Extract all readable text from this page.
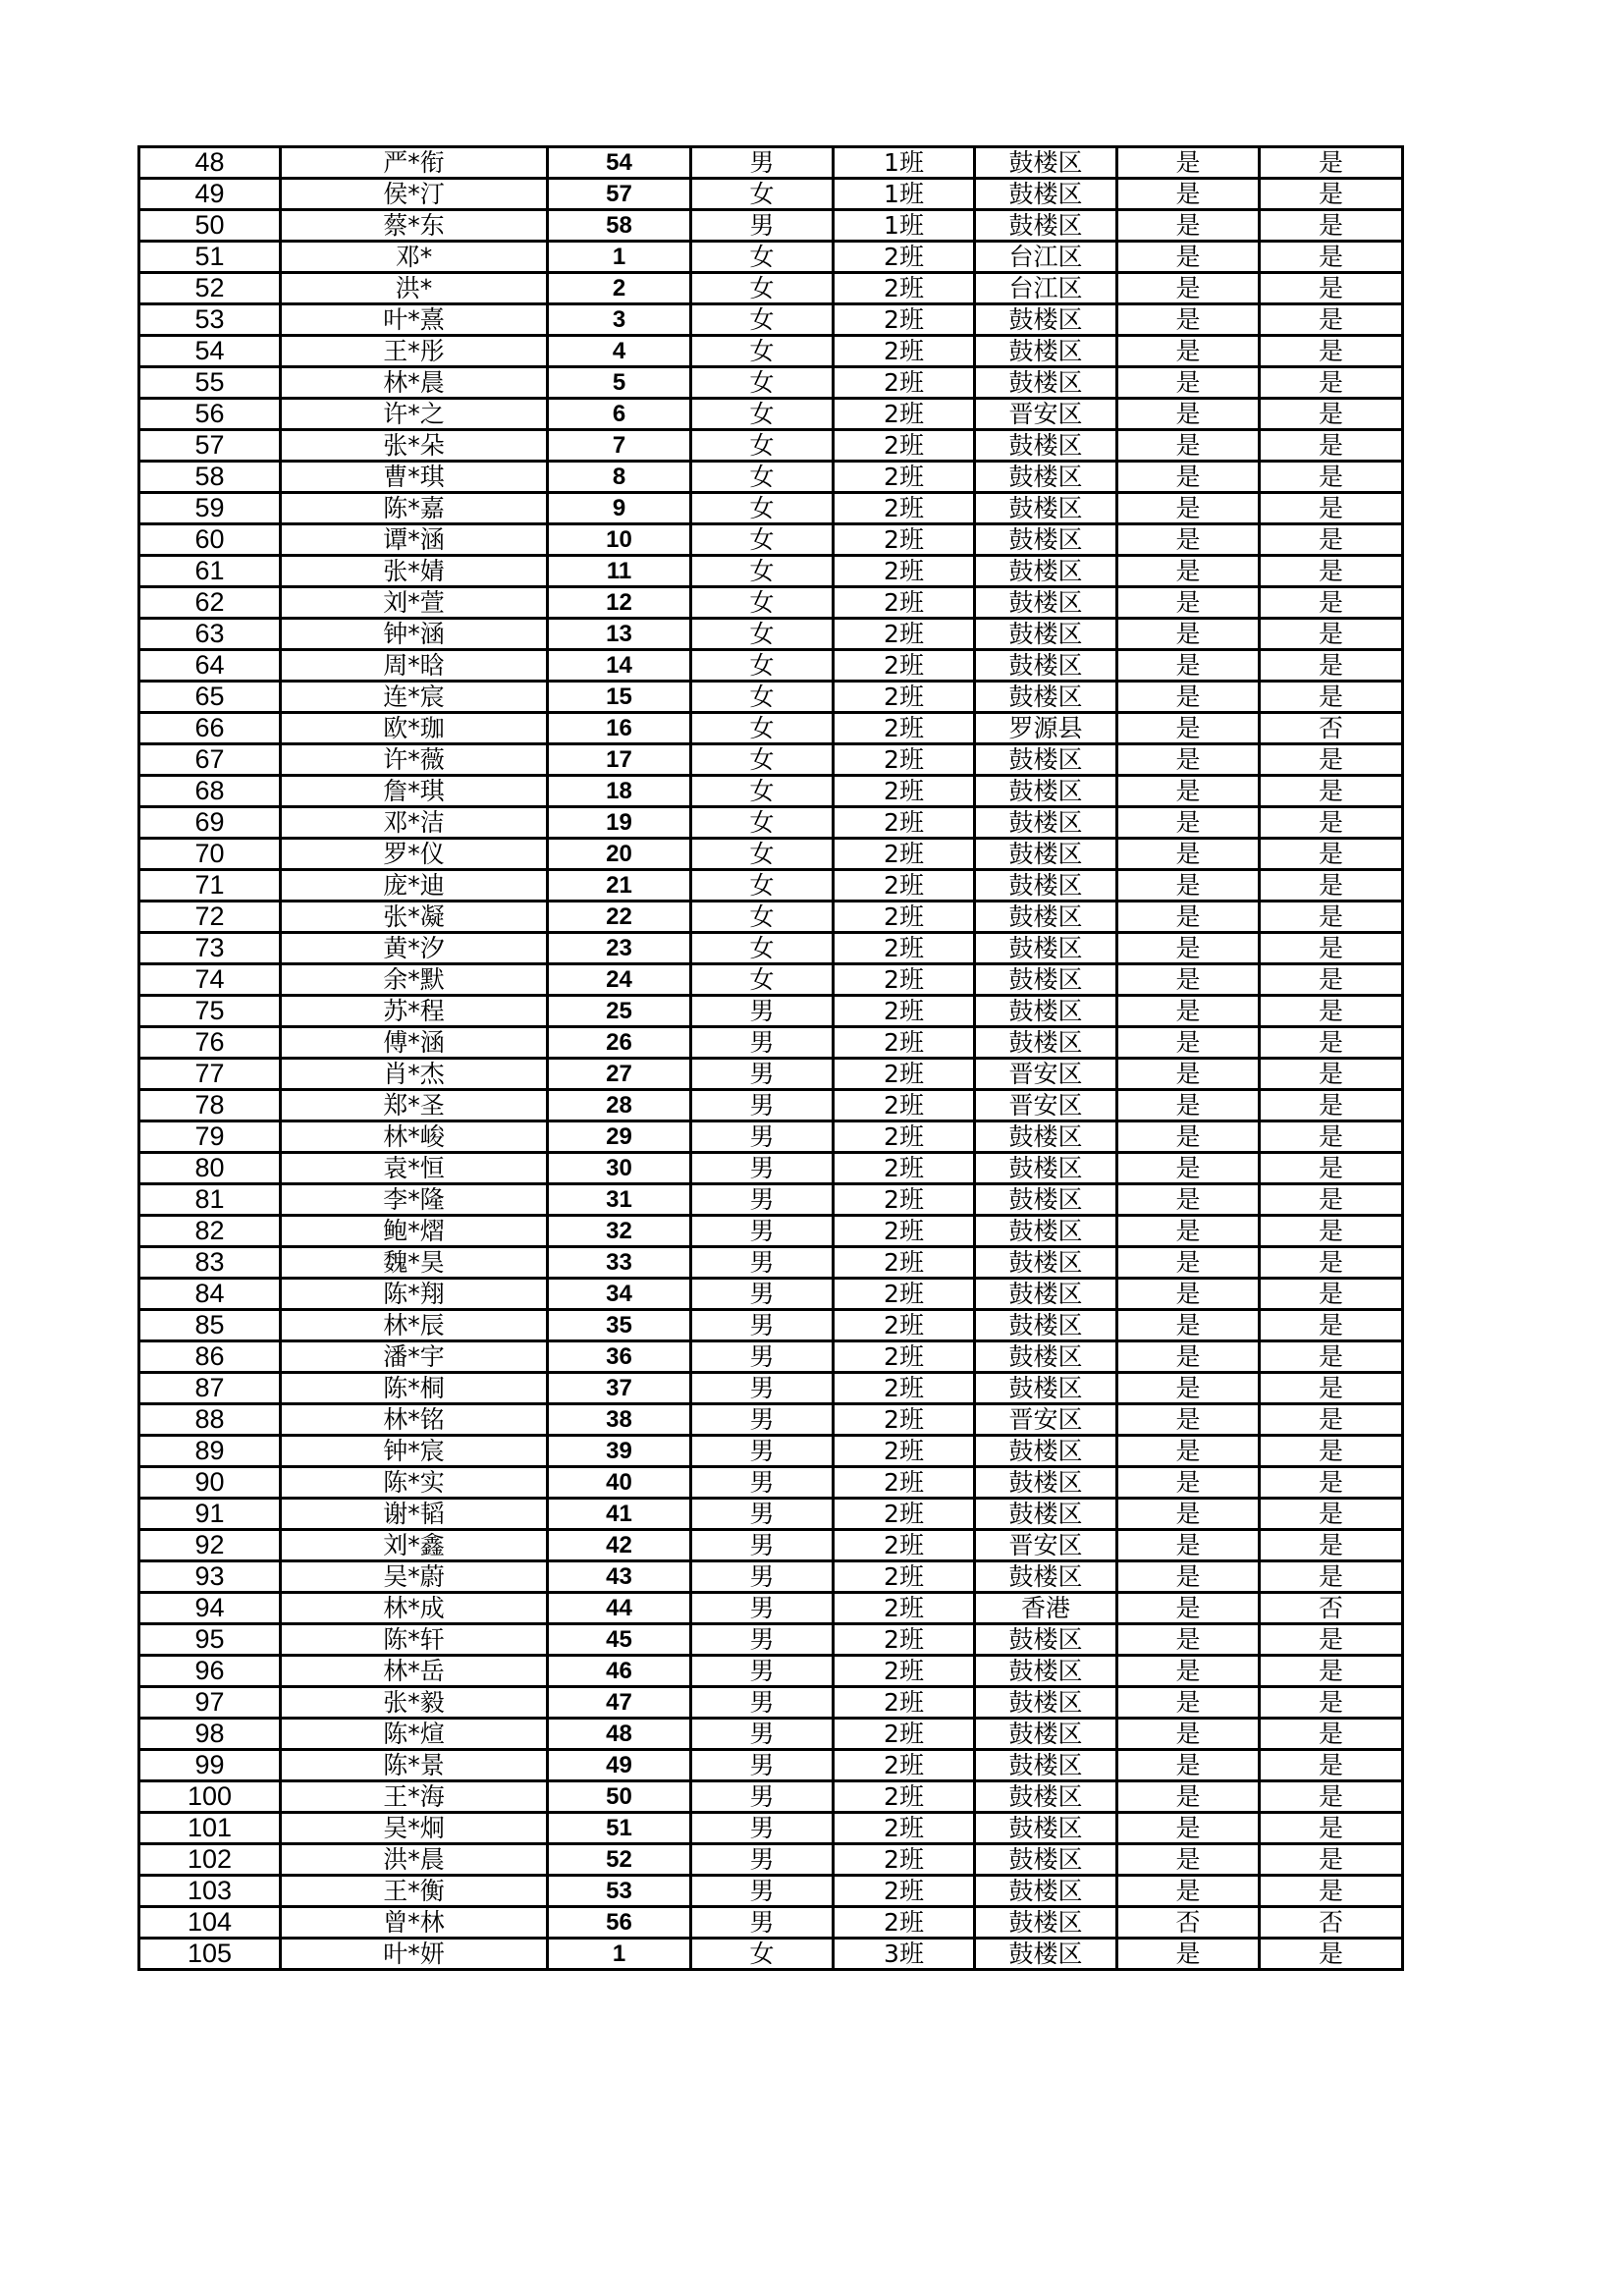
48	严*衔	54	男	1班	鼓楼区	是	是
49	侯*汀	57	女	1班	鼓楼区	是	是
50	蔡*东	58	男	1班	鼓楼区	是	是
51	邓*	1	女	2班	台江区	是	是
52	洪*	2	女	2班	台江区	是	是
53	叶*熹	3	女	2班	鼓楼区	是	是
54	王*彤	4	女	2班	鼓楼区	是	是
55	林*晨	5	女	2班	鼓楼区	是	是
56	许*之	6	女	2班	晋安区	是	是
57	张*朵	7	女	2班	鼓楼区	是	是
58	曹*琪	8	女	2班	鼓楼区	是	是
59	陈*嘉	9	女	2班	鼓楼区	是	是
60	谭*涵	10	女	2班	鼓楼区	是	是
61	张*婧	11	女	2班	鼓楼区	是	是
62	刘*萱	12	女	2班	鼓楼区	是	是
63	钟*涵	13	女	2班	鼓楼区	是	是
64	周*晗	14	女	2班	鼓楼区	是	是
65	连*宸	15	女	2班	鼓楼区	是	是
66	欧*珈	16	女	2班	罗源县	是	否
67	许*薇	17	女	2班	鼓楼区	是	是
68	詹*琪	18	女	2班	鼓楼区	是	是
69	邓*洁	19	女	2班	鼓楼区	是	是
70	罗*仪	20	女	2班	鼓楼区	是	是
71	庞*迪	21	女	2班	鼓楼区	是	是
72	张*凝	22	女	2班	鼓楼区	是	是
73	黄*汐	23	女	2班	鼓楼区	是	是
74	余*默	24	女	2班	鼓楼区	是	是
75	苏*程	25	男	2班	鼓楼区	是	是
76	傅*涵	26	男	2班	鼓楼区	是	是
77	肖*杰	27	男	2班	晋安区	是	是
78	郑*圣	28	男	2班	晋安区	是	是
79	林*峻	29	男	2班	鼓楼区	是	是
80	袁*恒	30	男	2班	鼓楼区	是	是
81	李*隆	31	男	2班	鼓楼区	是	是
82	鲍*熠	32	男	2班	鼓楼区	是	是
83	魏*昊	33	男	2班	鼓楼区	是	是
84	陈*翔	34	男	2班	鼓楼区	是	是
85	林*辰	35	男	2班	鼓楼区	是	是
86	潘*宇	36	男	2班	鼓楼区	是	是
87	陈*桐	37	男	2班	鼓楼区	是	是
88	林*铭	38	男	2班	晋安区	是	是
89	钟*宸	39	男	2班	鼓楼区	是	是
90	陈*实	40	男	2班	鼓楼区	是	是
91	谢*韬	41	男	2班	鼓楼区	是	是
92	刘*鑫	42	男	2班	晋安区	是	是
93	吴*蔚	43	男	2班	鼓楼区	是	是
94	林*成	44	男	2班	香港	是	否
95	陈*轩	45	男	2班	鼓楼区	是	是
96	林*岳	46	男	2班	鼓楼区	是	是
97	张*毅	47	男	2班	鼓楼区	是	是
98	陈*煊	48	男	2班	鼓楼区	是	是
99	陈*景	49	男	2班	鼓楼区	是	是
100	王*海	50	男	2班	鼓楼区	是	是
101	吴*炯	51	男	2班	鼓楼区	是	是
102	洪*晨	52	男	2班	鼓楼区	是	是
103	王*衡	53	男	2班	鼓楼区	是	是
104	曾*林	56	男	2班	鼓楼区	否	否
105	叶*妍	1	女	3班	鼓楼区	是	是
